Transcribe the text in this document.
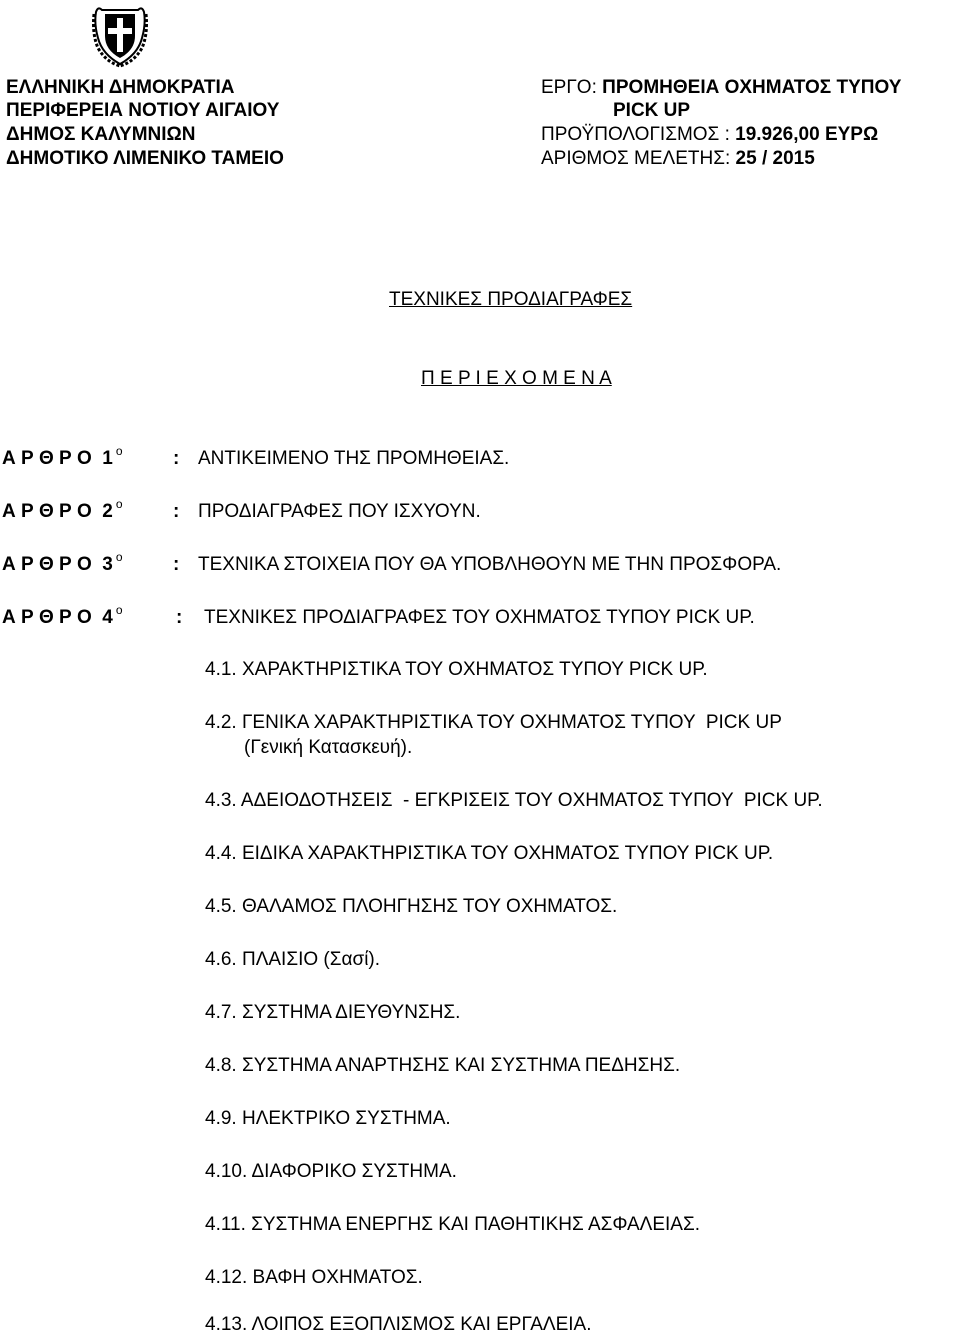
ΕΛΛΗΝΙΚΗ ΔΗΜΟΚΡΑΤΙΑ
ΠΕΡΙΦΕΡΕΙΑ ΝΟΤΙΟΥ ΑΙΓΑΙΟΥ
ΔΗΜΟΣ ΚΑΛΥΜΝΙΩΝ
ΔΗΜΟΤΙΚΟ ΛΙΜΕΝΙΚΟ ΤΑΜΕΙΟ
ΕΡΓΟ: ΠΡΟΜΗΘΕΙΑ ΟΧΗΜΑΤΟΣ ΤΥΠΟΥ
PICK UP
ΠΡΟΫΠΟΛΟΓΙΣΜΟΣ : 19.926,00 ΕΥΡΩ
ΑΡΙΘΜΟΣ ΜΕΛΕΤΗΣ: 25 / 2015
ΤΕΧΝΙΚΕΣ ΠΡΟΔΙΑΓΡΑΦΕΣ
Π Ε Ρ Ι Ε Χ Ο Μ Ε Ν Α
Α Ρ Θ Ρ Ο  1 $^o$	: ΑΝΤΙΚΕΙΜΕΝΟ ΤΗΣ ΠΡΟΜΗΘΕΙΑΣ.
Α Ρ Θ Ρ Ο  2 $^o$	: ΠΡΟΔΙΑΓΡΑΦΕΣ ΠΟΥ ΙΣΧΥΟΥΝ.
Α Ρ Θ Ρ Ο  3 $^o$	: ΤΕΧΝΙΚΑ ΣΤΟΙΧΕΙΑ ΠΟΥ ΘΑ ΥΠΟΒΛΗΘΟΥΝ ΜΕ ΤΗΝ ΠΡΟΣΦΟΡΑ.
Α Ρ Θ Ρ Ο  4 $^o$	: ΤΕΧΝΙΚΕΣ ΠΡΟΔΙΑΓΡΑΦΕΣ ΤΟΥ ΟΧΗΜΑΤΟΣ ΤΥΠΟΥ PICK UP.
4.1. ΧΑΡΑΚΤΗΡΙΣΤΙΚΑ ΤΟΥ ΟΧΗΜΑΤΟΣ ΤΥΠΟΥ PICK UP.
4.2. ΓΕΝΙΚΑ ΧΑΡΑΚΤΗΡΙΣΤΙΚΑ ΤΟΥ ΟΧΗΜΑΤΟΣ ΤΥΠΟΥ  PICK UP
(Γενική Κατασκευή).
4.3. ΑΔΕΙΟΔΟΤΗΣΕΙΣ  - ΕΓΚΡΙΣΕΙΣ ΤΟΥ ΟΧΗΜΑΤΟΣ ΤΥΠΟΥ  PICK UP.
4.4. ΕΙΔΙΚΑ ΧΑΡΑΚΤΗΡΙΣΤΙΚΑ ΤΟΥ ΟΧΗΜΑΤΟΣ ΤΥΠΟΥ PICK UP.
4.5. ΘΑΛΑΜΟΣ ΠΛΟΗΓΗΣΗΣ ΤΟΥ ΟΧΗΜΑΤΟΣ.
4.6. ΠΛΑΙΣΙΟ (Σασί).
4.7. ΣΥΣΤΗΜΑ ΔΙΕΥΘΥΝΣΗΣ.
4.8. ΣΥΣΤΗΜΑ ΑΝΑΡΤΗΣΗΣ ΚΑΙ ΣΥΣΤΗΜΑ ΠΕΔΗΣΗΣ.
4.9. ΗΛΕΚΤΡΙΚΟ ΣΥΣΤΗΜΑ.
4.10. ΔΙΑΦΟΡΙΚΟ ΣΥΣΤΗΜΑ.
4.11. ΣΥΣΤΗΜΑ ΕΝΕΡΓΗΣ ΚΑΙ ΠΑΘΗΤΙΚΗΣ ΑΣΦΑΛΕΙΑΣ.
4.12. ΒΑΦΗ ΟΧΗΜΑΤΟΣ.
4.13. ΛΟΙΠΟΣ ΕΞΟΠΛΙΣΜΟΣ ΚΑΙ ΕΡΓΑΛΕΙΑ.
